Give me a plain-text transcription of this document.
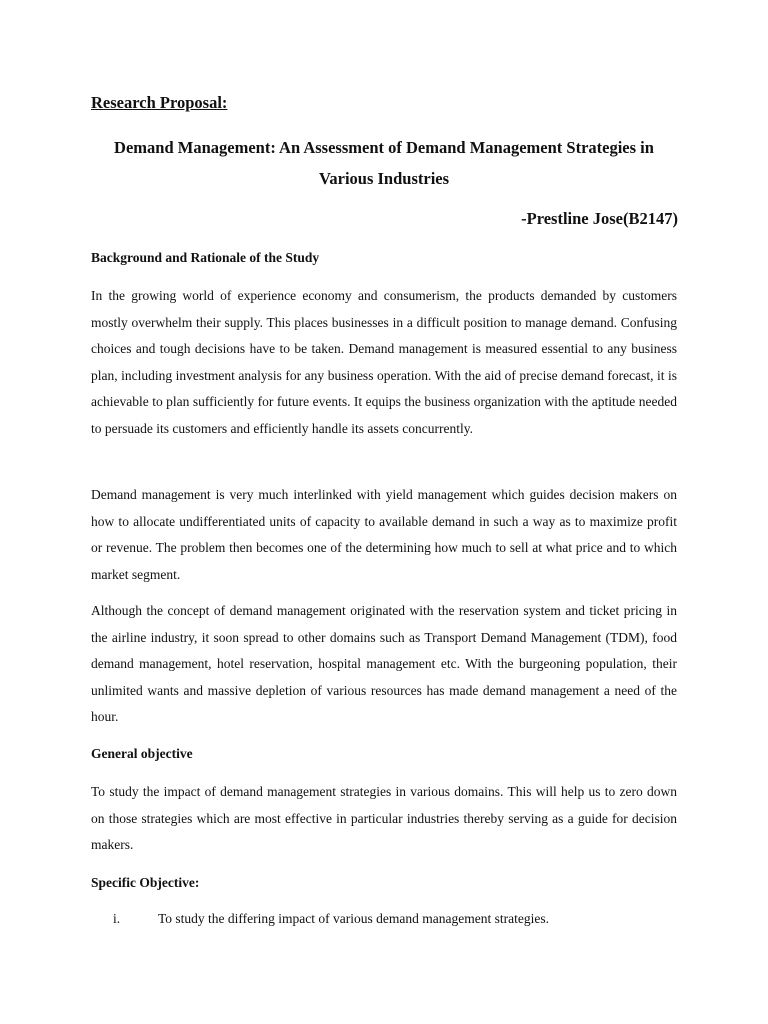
Research Proposal:

Demand Management: An Assessment of Demand Management Strategies in Various Industries

-Prestline Jose(B2147)

Background and Rationale of the Study

In the growing world of experience economy and consumerism, the products demanded by customers mostly overwhelm their supply. This places businesses in a difficult position to manage demand. Confusing choices and tough decisions have to be taken. Demand management is measured essential to any business plan, including investment analysis for any business operation. With the aid of precise demand forecast, it is achievable to plan sufficiently for future events. It equips the business organization with the aptitude needed to persuade its customers and efficiently handle its assets concurrently.

Demand management is very much interlinked with yield management which guides decision makers on how to allocate undifferentiated units of capacity to available demand in such a way as to maximize profit or revenue. The problem then becomes one of the determining how much to sell at what price and to which market segment.

Although the concept of demand management originated with the reservation system and ticket pricing in the airline industry, it soon spread to other domains such as Transport Demand Management (TDM), food demand management, hotel reservation, hospital management etc. With the burgeoning population, their unlimited wants and massive depletion of various resources has made demand management a need of the hour.

General objective

To study the impact of demand management strategies in various domains. This will help us to zero down on those strategies which are most effective in particular industries thereby serving as a guide for decision makers.

Specific Objective:

i.	To study the differing impact of various demand management strategies.
